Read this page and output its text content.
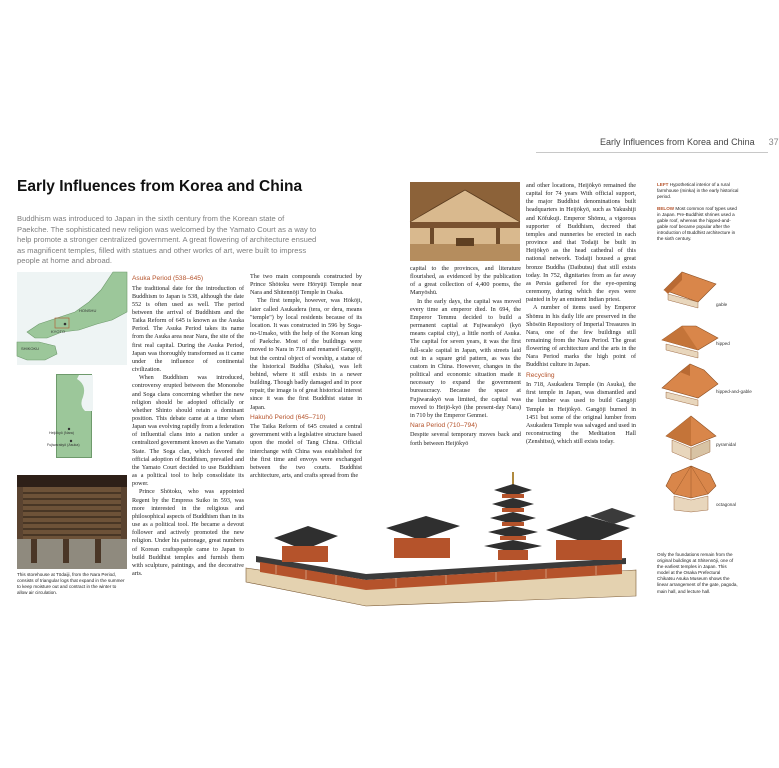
Early Influences from Korea and China 37
Early Influences from Korea and China

Buddhism was introduced to Japan in the sixth century from the Korean state of Paekche. The sophisticated new religion was welcomed by the Yamato Court as a way to help promote a stronger centralized government. A great flowering of architecture ensued as magnificent temples, filled with statues and other works of art, were built to impress people at home and abroad.

HONSHU
KYOTO
SHIKOKU
Heijōkyō (Nara)
Fujiwarakyō (Asuka)

This storehouse at Tōdaiji, from the Nara Period, consists of triangular logs that expand in the summer to keep moisture out and contract in the winter to allow air circulation.

Asuka Period (538–645)

The traditional date for the introduction of Buddhism to Japan is 538, although the date 552 is often used as well. The period between the arrival of Buddhism and the Taika Reform of 645 is known as the Asuka Period. The Asuka Period takes its name from the Asuka area near Nara, the site of the first real capital. During the Asuka Period, Japan was thoroughly transformed as it came under the influence of continental civilization.

When Buddhism was introduced, controversy erupted between the Mononobe and Soga clans concerning whether the new religion should be adopted officially or whether Shinto should retain a dominant position. This debate came at a time when Japan was evolving rapidly from a federation of influential clans into a nation under a centralized government known as the Yamato State. The Soga clan, which favored the official adoption of Buddhism, prevailed and the Yamato Court decided to use Buddhism as a political tool to help consolidate its power.

Prince Shōtoku, who was appointed Regent by the Empress Suiko in 593, was more interested in the religious and philosophical aspects of Buddhism than in its use as a political tool. He became a devout follower and actively promoted the new religion. Under his patronage, great numbers of Korean craftspeople came to Japan to build Buddhist temples and furnish them with sculpture, paintings, and the decorative arts.

The two main compounds constructed by Prince Shōtoku were Hōryūji Temple near Nara and Shitennōji Temple in Osaka.

The first temple, however, was Hōkōji, later called Asukadera (tera, or dera, means "temple") by local residents because of its location. It was constructed in 596 by Soga-no-Umako, with the help of the Korean king of Paekche. Most of the buildings were moved to Nara in 718 and renamed Gangōji, but the central object of worship, a statue of the historical Buddha (Shaka), was left behind, where it still exists in a newer building. Though badly damaged and in poor repair, the image is of great historical interest since it was the first Buddhist statue in Japan.

Hakuhō Period (645–710)

The Taika Reform of 645 created a central government with a legislative structure based upon the model of Tang China. Official interchange with China was established for the first time and envoys were exchanged between the two courts. Buddhist architecture, arts, and crafts spread from the

capital to the provinces, and literature flourished, as evidenced by the publication of a great collection of 4,400 poems, the Manyōshū.

In the early days, the capital was moved every time an emperor died. In 694, the Emperor Temmu decided to build a permanent capital at Fujiwarakyō (kyō means capital city), a little north of Asuka. The capital for seven years, it was the first full-scale capital in Japan, with streets laid out in a square grid pattern, as was the custom in China. However, changes in the political and economic situation made it necessary to expand the government bureaucracy. Because the space at Fujiwarakyō was limited, the capital was moved to Heijō-kyō (the present-day Nara) in 710 by the Emperor Genmei.

Nara Period (710–794)

Despite several temporary moves back and forth between Heijōkyō

and other locations, Heijōkyō remained the capital for 74 years With official support, the major Buddhist denominations built headquarters in Heijōkyō, such as Yakushiji and Kōfukuji. Emperor Shōmu, a vigorous supporter of Buddhism, decreed that temples and nunneries be erected in each province and that Todaiji be built in Heijōkyō as the head cathedral of this national network. Todaiji housed a great bronze Buddha (Daibutsu) that still exists today. In 752, dignitaries from as far away as Persia gathered for the eye-opening ceremony, during which the eyes were painted in by an eminent Indian priest.

A number of items used by Emperor Shōmu in his daily life are preserved in the Shōsōin Repository of Imperial Treasures in Nara, one of the few buildings still remaining from the Nara Period. The great flowering of architecture and the arts in the Nara Period marks the high point of Buddhist culture in Japan.

Recycling

In 718, Asukadera Temple (in Asuka), the first temple in Japan, was dismantled and the lumber was used to build Gangōji Temple in Heijōkyō. Gangōji burned in 1451 but some of the original lumber from Asukadera Temple was salvaged and used in reconstructing the Meditation Hall (Zenshitsu), which still exists today.

LEFT Hypothetical interior of a rural farmhouse (minka) in the early historical period.

BELOW Most common roof types used in Japan. Pre-Buddhist shrines used a gable roof, whereas the hipped-and-gable roof became popular after the introduction of Buddhist architecture in the sixth century.

gable
hipped
hipped-and-gable
pyramidal
octagonal

Only the foundations remain from the original buildings at Shitennōji, one of the earliest temples in Japan. This model at the Osaka Prefectural Chikatsu Asuka Museum shows the linear arrangement of the gate, pagoda, main hall, and lecture hall.
